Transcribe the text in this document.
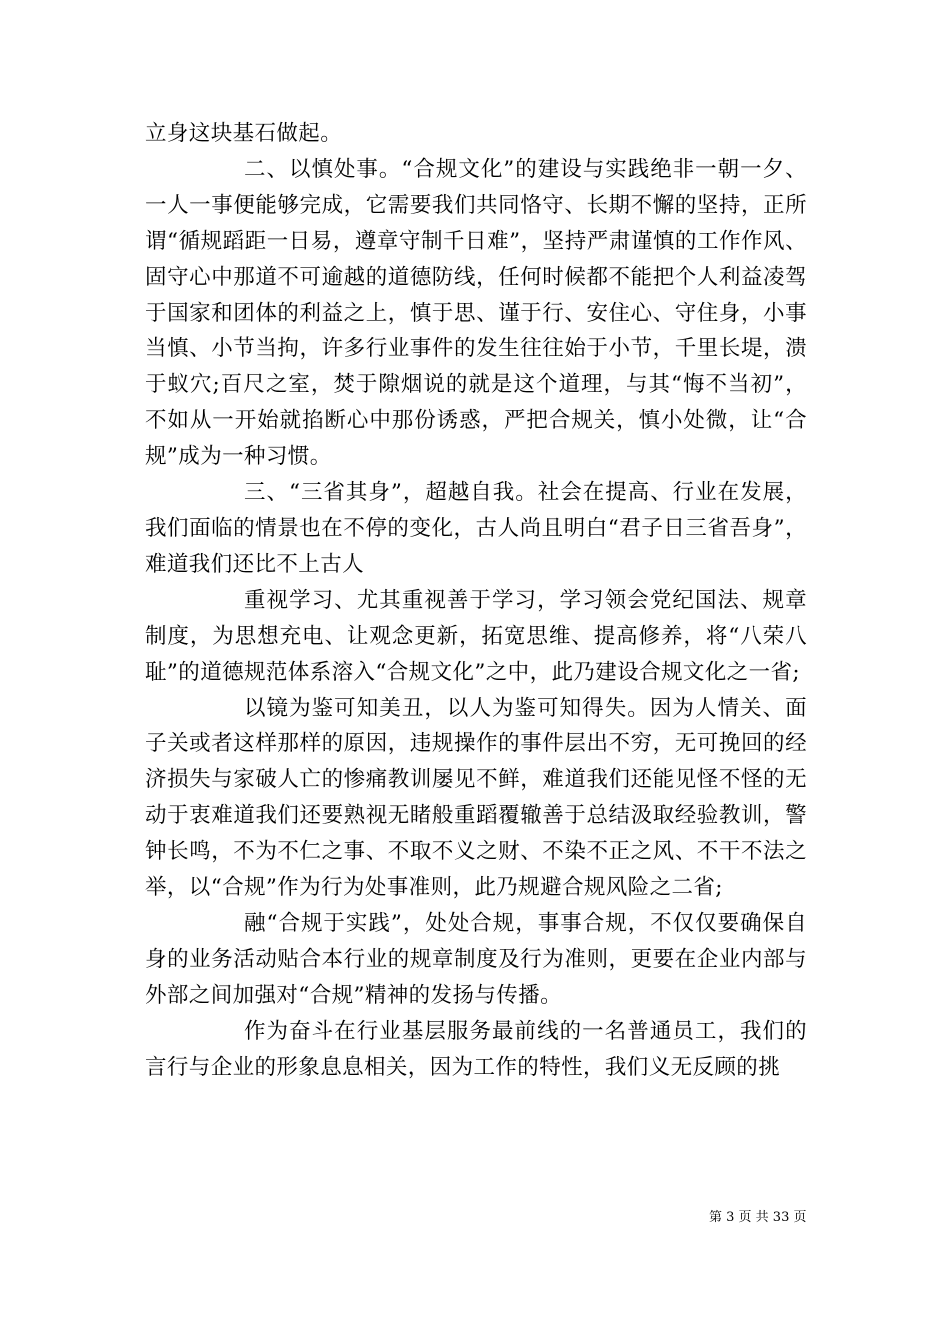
立身这块基石做起。

二、以慎处事。“合规文化”的建设与实践绝非一朝一夕、一人一事便能够完成，它需要我们共同恪守、长期不懈的坚持，正所谓“循规蹈距一日易，遵章守制千日难”，坚持严肃谨慎的工作作风、固守心中那道不可逾越的道德防线，任何时候都不能把个人利益凌驾于国家和团体的利益之上，慎于思、谨于行、安住心、守住身，小事当慎、小节当拘，许多行业事件的发生往往始于小节，千里长堤，溃于蚁穴;百尺之室，焚于隙烟说的就是这个道理，与其“悔不当初”，不如从一开始就掐断心中那份诱惑，严把合规关，慎小处微，让“合规”成为一种习惯。

三、“三省其身”，超越自我。社会在提高、行业在发展，我们面临的情景也在不停的变化，古人尚且明白“君子日三省吾身”，难道我们还比不上古人

重视学习、尤其重视善于学习，学习领会党纪国法、规章制度，为思想充电、让观念更新，拓宽思维、提高修养，将“八荣八耻”的道德规范体系溶入“合规文化”之中，此乃建设合规文化之一省;

以镜为鉴可知美丑，以人为鉴可知得失。因为人情关、面子关或者这样那样的原因，违规操作的事件层出不穷，无可挽回的经济损失与家破人亡的惨痛教训屡见不鲜，难道我们还能见怪不怪的无动于衷难道我们还要熟视无睹般重蹈覆辙善于总结汲取经验教训，警钟长鸣，不为不仁之事、不取不义之财、不染不正之风、不干不法之举，以“合规”作为行为处事准则，此乃规避合规风险之二省;

融“合规于实践”，处处合规，事事合规，不仅仅要确保自身的业务活动贴合本行业的规章制度及行为准则，更要在企业内部与外部之间加强对“合规”精神的发扬与传播。

作为奋斗在行业基层服务最前线的一名普通员工，我们的言行与企业的形象息息相关，因为工作的特性，我们义无反顾的挑

第 3 页 共 33 页
